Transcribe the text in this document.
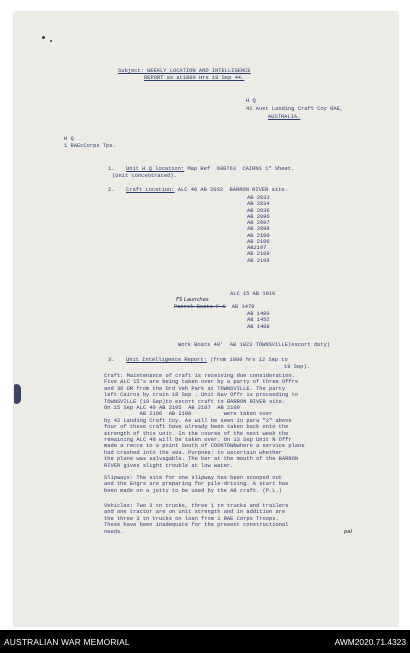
Subject: WEEKLY LOCATION AND INTELLIGENCE

REPORT as at1800 Hrs 19 Sep 44.

H Q

41 Aust Landing Craft Coy RAE,

AUSTRALIA.

H Q

1 RAEcCorps Tps.

1. Unit H Q location: Map Ref  698763  CAIRNS 1" Sheet.

(Unit concentrated).

2. Craft Location: ALC 40 AB 2032  BARRON RIVER site.

AB 2033
AB 2034
AB 2036
AB 2096
AB 2097
AB 2098
AB 2100
AB 2106
AB2107
AB 2108
AB 2109

ALC 15 AB 1919

FS Launches

Patrol Boats F S AB 1479

AB 1480
AB 1452
AB 1488

Work Boats 40'  AB 1823 TOWNSVILLE(escort duty)

3. Unit Intelligence Report: (from 1800 hrs 12 Sep to

19 Sep).

Craft: Maintenance of craft is receiving due consideration.

Five ALC 15's are being taken over by a party of three Offrs

and 36 OR from the Ord Veh Park at TOWNSVILLE. The party

left Cairns by train 18 Sep . Unit Nav Offr is proceeding to

TOWNSVILLE (19 Sep)to escort craft to BARRON RIVER site.

On 15 Sep ALC 40 AB 2105  AB 2107  AB 2109

AB 2106  AB 2108          were taken over

by 42 Landing Craft Coy. As will be seen in para "2" above

four of these craft have already been taken back onto the

strength of this unit. In the course of the next week the

remaining ALC 40 will be taken over. On 13 Sep Unit N Offr

made a recce to a point South of COOKTOWNwhere a service plane

had crashed into the sea. Purpose: to ascertain whether

the plane was salvagable. The bar at the mouth of the BARRON

RIVER gives slight trouble at low water.

Slipways: The site for one slipway has been scooped out

and the Engrs are preparing for pile-driving. A start has

been made on a jetty to be used by the AB craft. (P.L.)

Vehicles: Two 3 tn trucks, three 1 tn trucks and trailers

and one tractor are on unit strength and in addition are

the three 3 tn trucks on loan from 1 RAE Corps Troops.

These have been inadequate for the present constructional

needs.	pal

AUSTRALIAN WAR MEMORIAL	AWM2020.71.4323
